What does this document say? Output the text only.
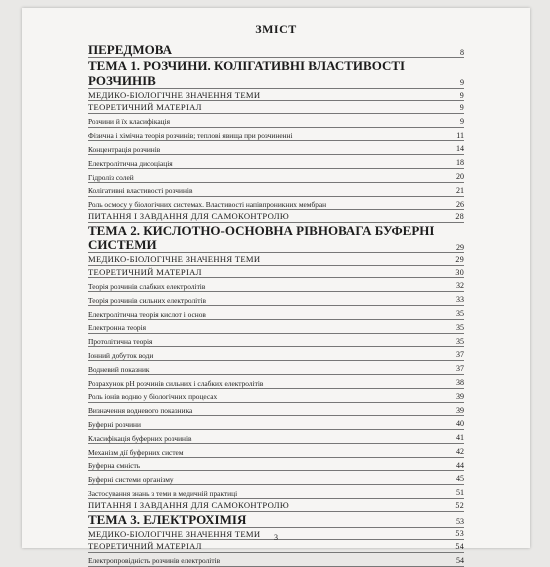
ЗМІСТ
ПЕРЕДМОВА	8
ТЕМА 1. РОЗЧИНИ. КОЛІГАТИВНІ ВЛАСТИВОСТІ РОЗЧИНІВ	9
МЕДИКО-БІОЛОГІЧНЕ ЗНАЧЕННЯ ТЕМИ	9
ТЕОРЕТИЧНИЙ МАТЕРІАЛ	9
Розчини й їх класифікація	9
Фізична і хімічна теорія розчинів; теплові явища при розчиненні	11
Концентрація розчинів	14
Електролітична дисоціація	18
Гідроліз солей	20
Колігативні властивості розчинів	21
Роль осмосу у біологічних системах. Властивості напівпроникних мембран	26
ПИТАННЯ І ЗАВДАННЯ ДЛЯ САМОКОНТРОЛЮ	28
ТЕМА 2. КИСЛОТНО-ОСНОВНА РІВНОВАГА БУФЕРНІ СИСТЕМИ	29
МЕДИКО-БІОЛОГІЧНЕ ЗНАЧЕННЯ ТЕМИ	29
ТЕОРЕТИЧНИЙ МАТЕРІАЛ	30
Теорія розчинів слабких електролітів	32
Теорія розчинів сильних електролітів	33
Електролітична теорія кислот і основ	35
Електронна теорія	35
Протолітична теорія	35
Іонний добуток води	37
Водневий показник	37
Розрахунок pH розчинів сильних і слабких електролітів	38
Роль іонів водню у біологічних процесах	39
Визначення водневого показника	39
Буферні розчини	40
Класифікація буферних розчинів	41
Механізм дії буферних систем	42
Буферна ємність	44
Буферні системи організму	45
Застосування знань з теми в медичній практиці	51
ПИТАННЯ І ЗАВДАННЯ ДЛЯ САМОКОНТРОЛЮ	52
ТЕМА 3. ЕЛЕКТРОХІМІЯ	53
МЕДИКО-БІОЛОГІЧНЕ ЗНАЧЕННЯ ТЕМИ	53
ТЕОРЕТИЧНИЙ МАТЕРІАЛ	54
Електропровідність розчинів електролітів	54
3
